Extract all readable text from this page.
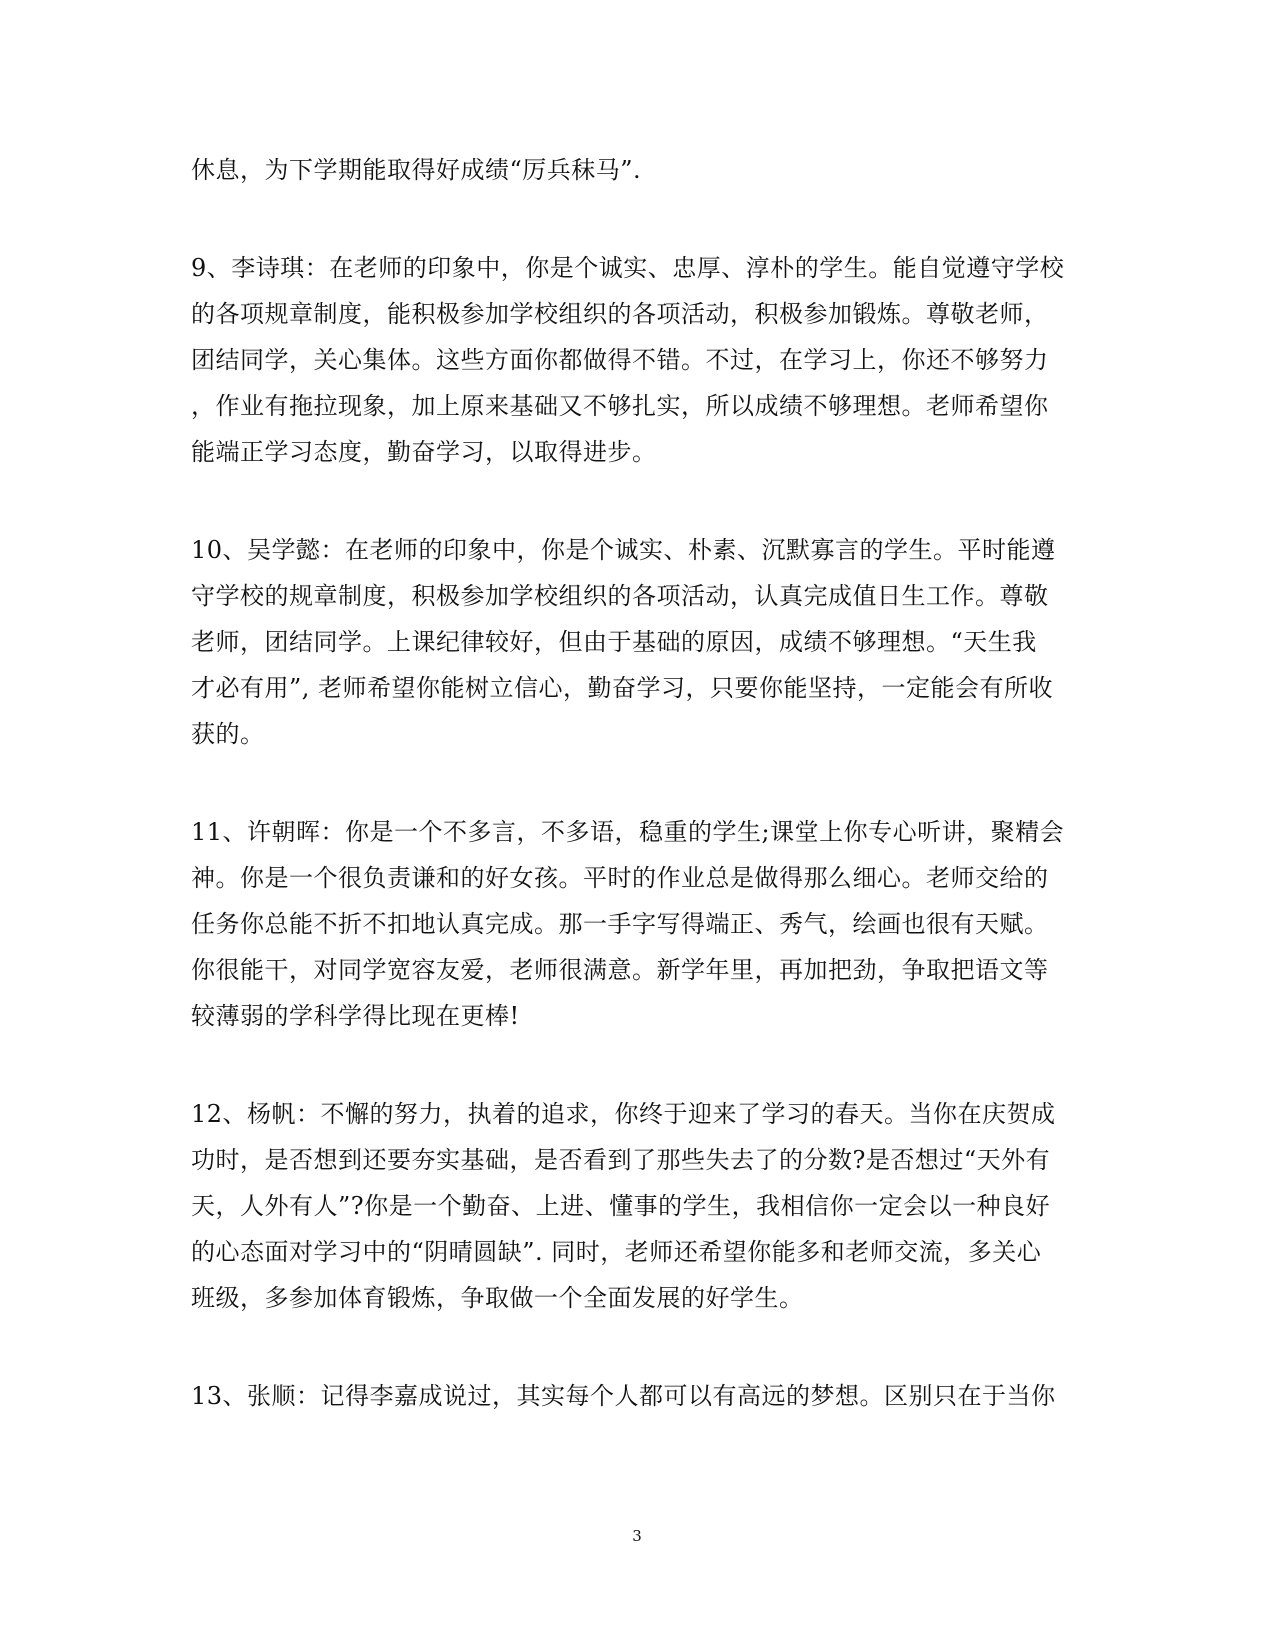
休息，为下学期能取得好成绩“厉兵秣马”.
9、李诗琪：在老师的印象中，你是个诚实、忠厚、淳朴的学生。能自觉遵守学校
的各项规章制度，能积极参加学校组织的各项活动，积极参加锻炼。尊敬老师，
团结同学，关心集体。这些方面你都做得不错。不过，在学习上，你还不够努力
，作业有拖拉现象，加上原来基础又不够扎实，所以成绩不够理想。老师希望你
能端正学习态度，勤奋学习，以取得进步。
10、吴学懿：在老师的印象中，你是个诚实、朴素、沉默寡言的学生。平时能遵
守学校的规章制度，积极参加学校组织的各项活动，认真完成值日生工作。尊敬
老师，团结同学。上课纪律较好，但由于基础的原因，成绩不够理想。“天生我
才必有用”, 老师希望你能树立信心，勤奋学习，只要你能坚持，一定能会有所收
获的。
11、许朝晖：你是一个不多言，不多语，稳重的学生;课堂上你专心听讲，聚精会
神。你是一个很负责谦和的好女孩。平时的作业总是做得那么细心。老师交给的
任务你总能不折不扣地认真完成。那一手字写得端正、秀气，绘画也很有天赋。
你很能干，对同学宽容友爱，老师很满意。新学年里，再加把劲，争取把语文等
较薄弱的学科学得比现在更棒!
12、杨帆：不懈的努力，执着的追求，你终于迎来了学习的春天。当你在庆贺成
功时，是否想到还要夯实基础，是否看到了那些失去了的分数?是否想过“天外有
天，人外有人”?你是一个勤奋、上进、懂事的学生，我相信你一定会以一种良好
的心态面对学习中的“阴晴圆缺”. 同时，老师还希望你能多和老师交流，多关心
班级，多参加体育锻炼，争取做一个全面发展的好学生。
13、张顺：记得李嘉成说过，其实每个人都可以有高远的梦想。区别只在于当你
3
